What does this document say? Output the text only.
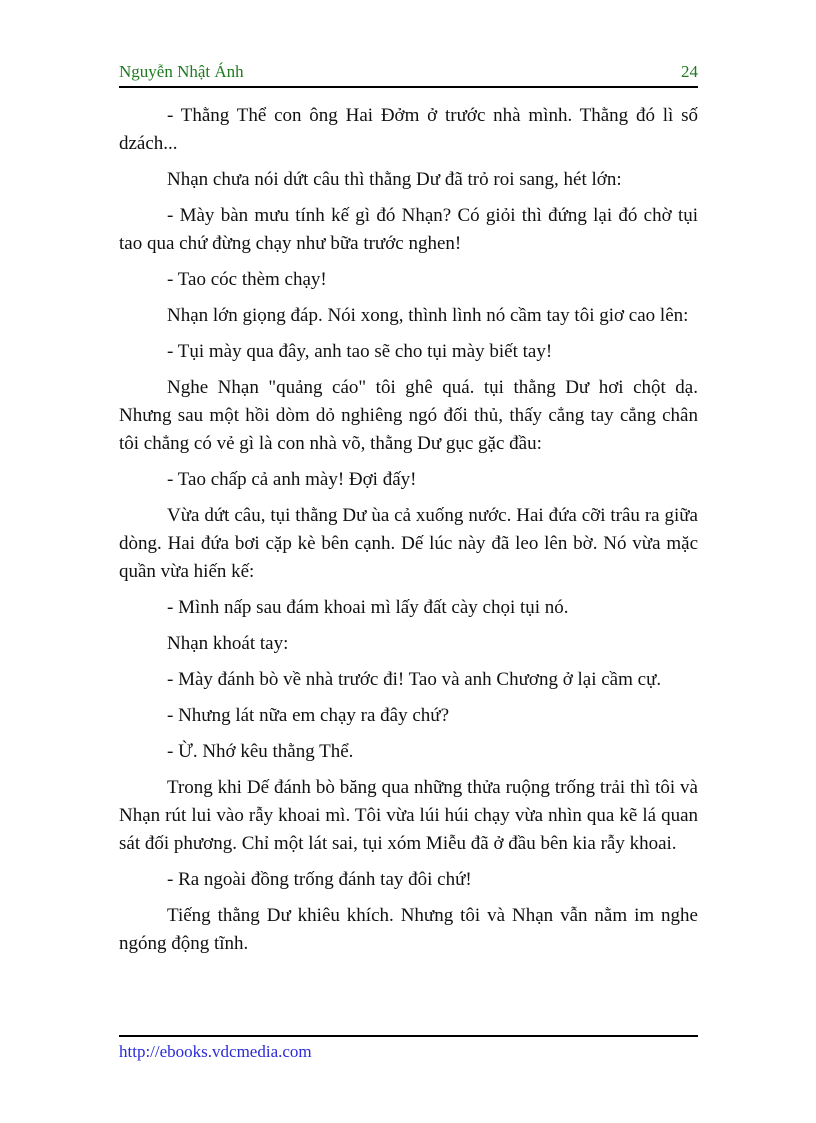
Nguyễn Nhật Ánh	24

- Thằng Thể con ông Hai Đởm ở trước nhà mình. Thằng đó lì số dzách...

Nhạn chưa nói dứt câu thì thằng Dư đã trỏ roi sang, hét lớn:

- Mày bàn mưu tính kế gì đó Nhạn? Có giỏi thì đứng lại đó chờ tụi tao qua chứ đừng chạy như bữa trước nghen!

- Tao cóc thèm chạy!

Nhạn lớn giọng đáp. Nói xong, thình lình nó cầm tay tôi giơ cao lên:

- Tụi mày qua đây, anh tao sẽ cho tụi mày biết tay!

Nghe Nhạn "quảng cáo" tôi ghê quá. tụi thằng Dư hơi chột dạ. Nhưng sau một hồi dòm dỏ nghiêng ngó đối thủ, thấy cẳng tay cẳng chân tôi chẳng có vẻ gì là con nhà võ, thằng Dư gục gặc đầu:

- Tao chấp cả anh mày! Đợi đấy!

Vừa dứt câu, tụi thằng Dư ùa cả xuống nước. Hai đứa cỡi trâu ra giữa dòng. Hai đứa bơi cặp kè bên cạnh. Dế lúc này đã leo lên bờ. Nó vừa mặc quần vừa hiến kế:

- Mình nấp sau đám khoai mì lấy đất cày chọi tụi nó.

Nhạn khoát tay:

- Mày đánh bò về nhà trước đi! Tao và anh Chương ở lại cầm cự.

- Nhưng lát nữa em chạy ra đây chứ?

- Ừ. Nhớ kêu thằng Thể.

Trong khi Dế đánh bò băng qua những thửa ruộng trống trải thì tôi và Nhạn rút lui vào rẫy khoai mì. Tôi vừa lúi húi chạy vừa nhìn qua kẽ lá quan sát đối phương. Chỉ một lát sai, tụi xóm Miễu đã ở đầu bên kia rẫy khoai.

- Ra ngoài đồng trống đánh tay đôi chứ!

Tiếng thằng Dư khiêu khích. Nhưng tôi và Nhạn vẫn nằm im nghe ngóng động tĩnh.

http://ebooks.vdcmedia.com
